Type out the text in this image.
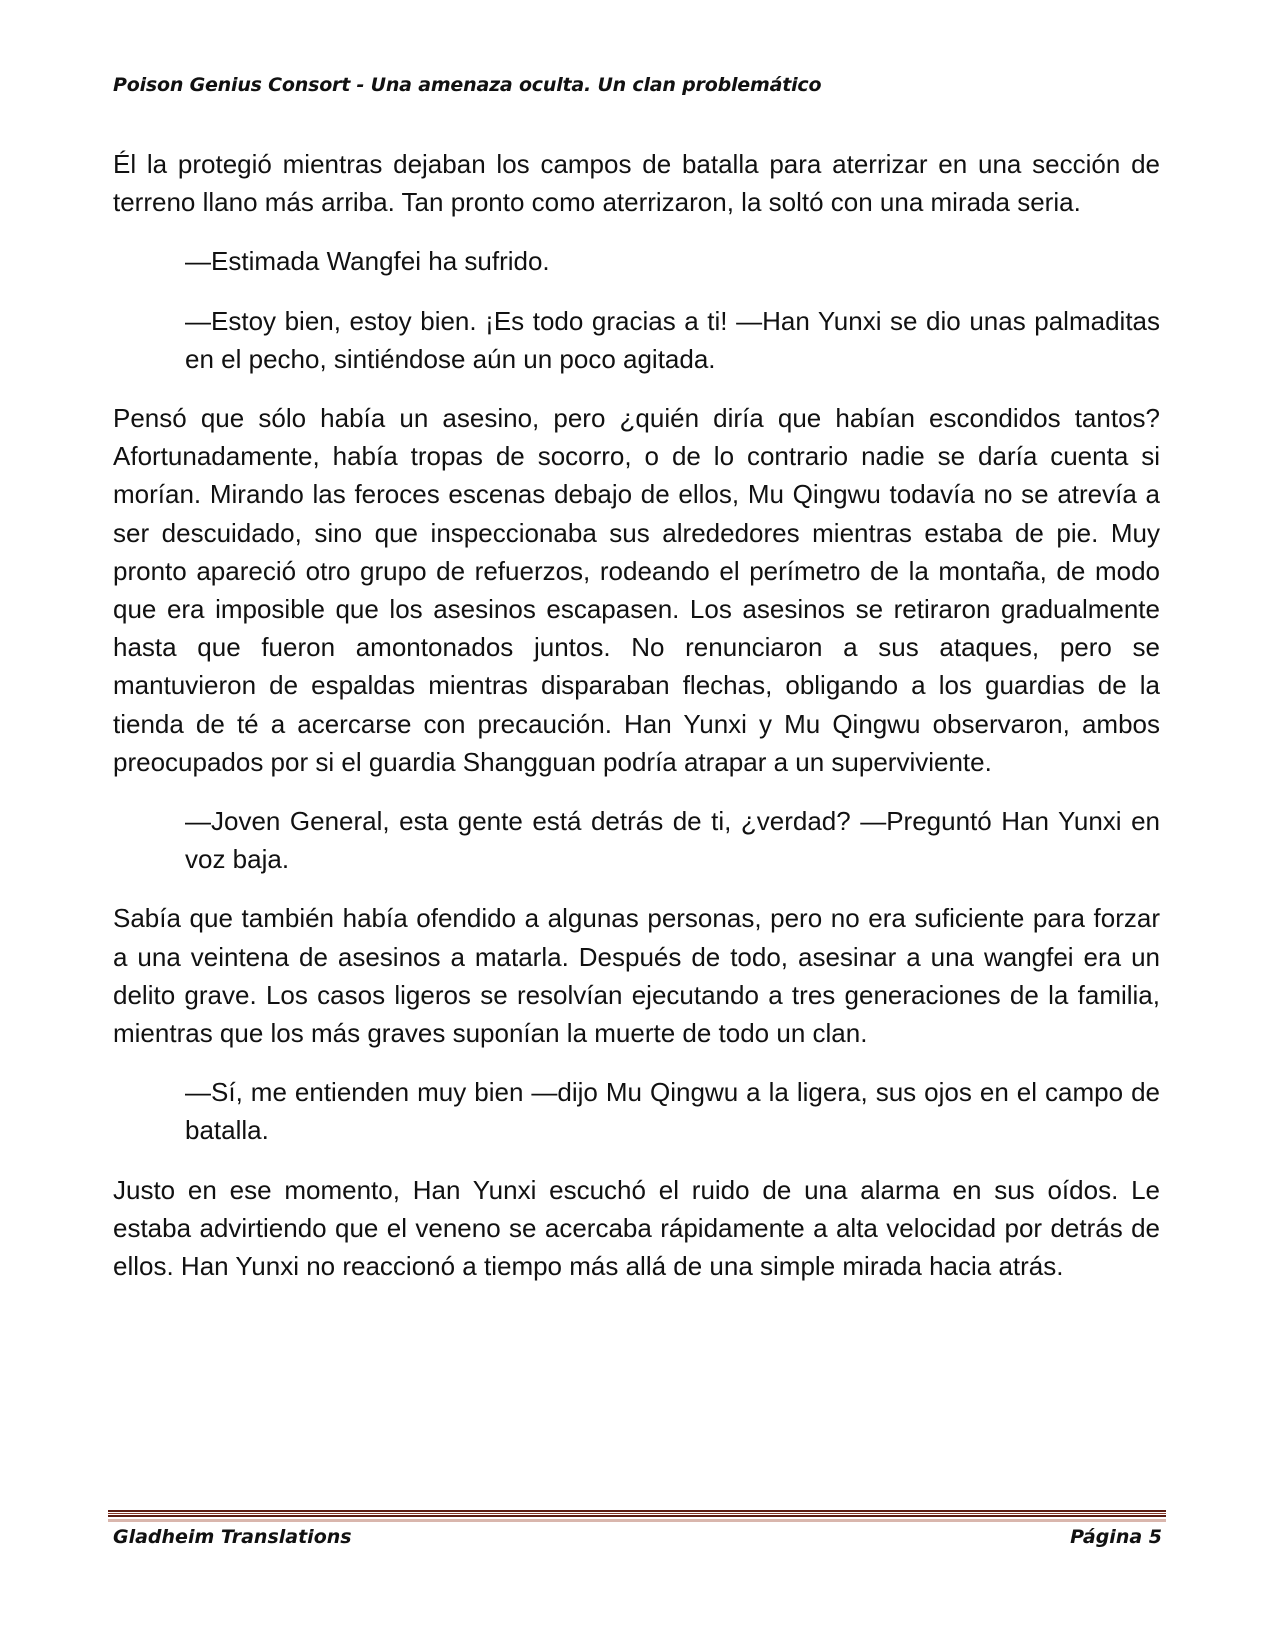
Poison Genius Consort - Una amenaza oculta. Un clan problemático

Él la protegió mientras dejaban los campos de batalla para aterrizar en una sección de terreno llano más arriba. Tan pronto como aterrizaron, la soltó con una mirada seria.

—Estimada Wangfei ha sufrido.

—Estoy bien, estoy bien. ¡Es todo gracias a ti! —Han Yunxi se dio unas palmaditas en el pecho, sintiéndose aún un poco agitada.

Pensó que sólo había un asesino, pero ¿quién diría que habían escondidos tantos? Afortunadamente, había tropas de socorro, o de lo contrario nadie se daría cuenta si morían. Mirando las feroces escenas debajo de ellos, Mu Qingwu todavía no se atrevía a ser descuidado, sino que inspeccionaba sus alrededores mientras estaba de pie. Muy pronto apareció otro grupo de refuerzos, rodeando el perímetro de la montaña, de modo que era imposible que los asesinos escapasen. Los asesinos se retiraron gradualmente hasta que fueron amontonados juntos. No renunciaron a sus ataques, pero se mantuvieron de espaldas mientras disparaban flechas, obligando a los guardias de la tienda de té a acercarse con precaución. Han Yunxi y Mu Qingwu observaron, ambos preocupados por si el guardia Shangguan podría atrapar a un superviviente.

—Joven General, esta gente está detrás de ti, ¿verdad? —Preguntó Han Yunxi en voz baja.

Sabía que también había ofendido a algunas personas, pero no era suficiente para forzar a una veintena de asesinos a matarla. Después de todo, asesinar a una wangfei era un delito grave. Los casos ligeros se resolvían ejecutando a tres generaciones de la familia, mientras que los más graves suponían la muerte de todo un clan.

—Sí, me entienden muy bien —dijo Mu Qingwu a la ligera, sus ojos en el campo de batalla.

Justo en ese momento, Han Yunxi escuchó el ruido de una alarma en sus oídos. Le estaba advirtiendo que el veneno se acercaba rápidamente a alta velocidad por detrás de ellos. Han Yunxi no reaccionó a tiempo más allá de una simple mirada hacia atrás.

Gladheim Translations	Página 5
